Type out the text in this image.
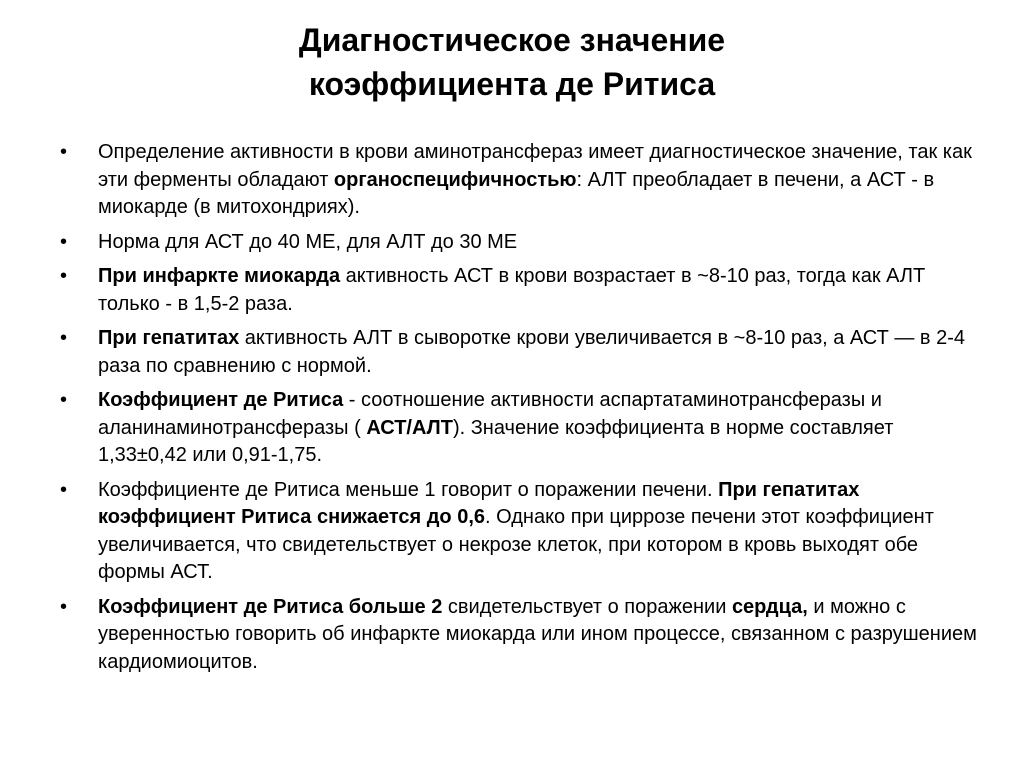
Диагностическое значение
коэффициента де Ритиса
•	Определение активности в крови аминотрансфераз имеет диагностическое значение, так как эти ферменты обладают органоспецифичностью: АЛТ преобладает в печени, а АСТ - в миокарде (в митохондриях).
•	Норма для АСТ до 40 МЕ, для АЛТ до 30 МЕ
•	При инфаркте миокарда активность АСТ в крови возрастает в ~8-10 раз, тогда как АЛТ только - в 1,5-2 раза.
•	При гепатитах активность АЛТ в сыворотке крови увеличивается в ~8-10 раз, а АСТ — в 2-4 раза по сравнению с нормой.
•	Коэффициент де Ритиса - соотношение активности аспартатаминотрансферазы и аланинаминотрансферазы ( АСТ/АЛТ). Значение коэффициента в норме составляет 1,33±0,42 или 0,91-1,75.
•	Коэффициенте де Ритиса меньше 1 говорит о поражении печени. При гепатитах коэффициент Ритиса снижается до 0,6. Однако при циррозе печени этот коэффициент увеличивается, что свидетельствует о некрозе клеток, при котором в кровь выходят обе формы АСТ.
•	Коэффициент де Ритиса больше 2 свидетельствует о поражении сердца, и можно с уверенностью говорить об инфаркте миокарда или ином процессе, связанном с разрушением кардиомиоцитов.
